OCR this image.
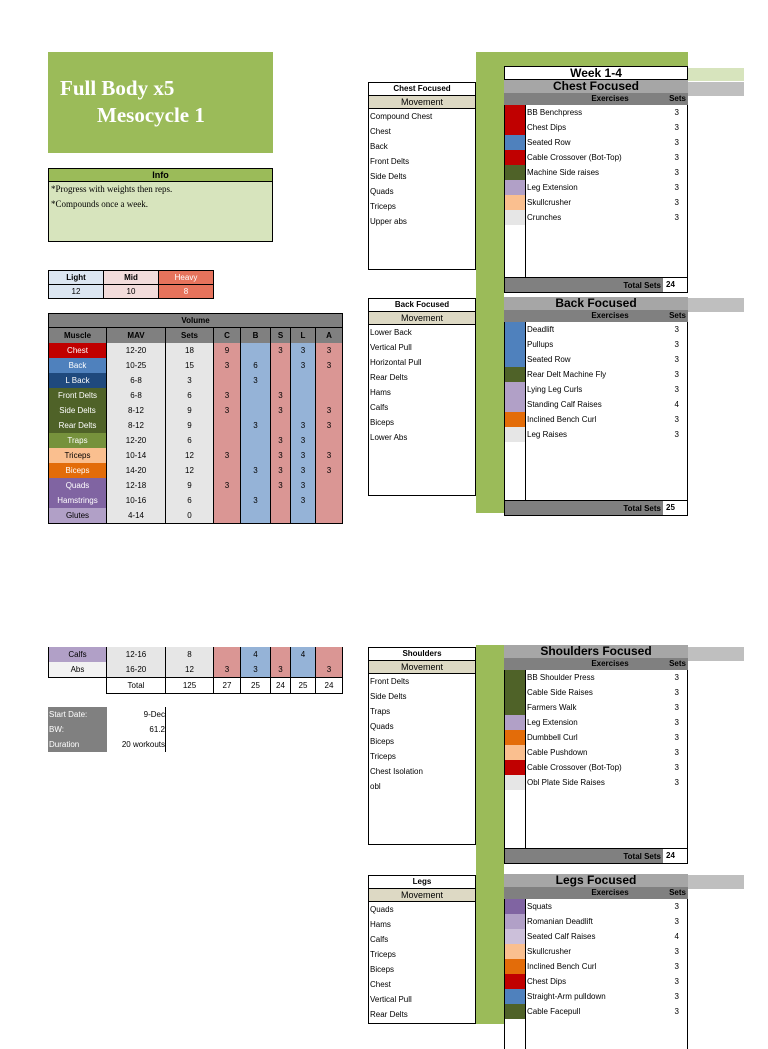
Full Body x5
Mesocycle 1
Info
*Progress with weights then reps.
*Compounds once a week.
Light	Mid	Heavy
12	10	8
Volume							
Muscle	MAV	Sets	C	B	S	L	A
Chest	12-20	18	9		3	3	3
Back	10-25	15	3	6		3	3
L Back	6-8	3		3			
Front Delts	6-8	6	3		3		
Side Delts	8-12	9	3		3		3
Rear Delts	8-12	9		3		3	3
Traps	12-20	6			3	3	
Triceps	10-14	12	3		3	3	3
Biceps	14-20	12		3	3	3	3
Quads	12-18	9	3		3	3	
Hamstrings	10-16	6		3		3	
Glutes	4-14	0					
Calfs	12-16	8		4		4	
Abs	16-20	12	3	3	3		3
	Total	125	27	25	24	25	24
Start Date:	9-Dec
BW:	61.2
Duration	20 workouts
Chest Focused
Movement
Compound Chest
Chest
Back
Front Delts
Side Delts
Quads
Triceps
Upper abs
Back Focused
Movement
Lower Back
Vertical Pull
Horizontal Pull
Rear Delts
Hams
Calfs
Biceps
Lower Abs
Shoulders
Movement
Front Delts
Side Delts
Traps
Quads
Biceps
Triceps
Chest Isolation
obl
Legs
Movement
Quads
Hams
Calfs
Triceps
Biceps
Chest
Vertical Pull
Rear Delts
Week 1-4
Chest Focused
Exercises	Sets
BB Benchpress	3
Chest Dips	3
Seated Row	3
Cable Crossover (Bot-Top)	3
Machine Side raises	3
Leg Extension	3
Skullcrusher	3
Crunches	3
Total Sets 24
Back Focused
Exercises	Sets
Deadlift	3
Pullups	3
Seated Row	3
Rear Delt Machine Fly	3
Lying Leg Curls	3
Standing Calf Raises	4
Inclined Bench Curl	3
Leg Raises	3
Total Sets 25
Shoulders Focused
Exercises	Sets
BB Shoulder Press	3
Cable Side Raises	3
Farmers Walk	3
Leg Extension	3
Dumbbell Curl	3
Cable Pushdown	3
Cable Crossover (Bot-Top)	3
Obl Plate Side Raises	3
Total Sets 24
Legs Focused
Exercises	Sets
Squats	3
Romanian Deadlift	3
Seated Calf Raises	4
Skullcrusher	3
Inclined Bench Curl	3
Chest Dips	3
Straight-Arm pulldown	3
Cable Facepull	3
